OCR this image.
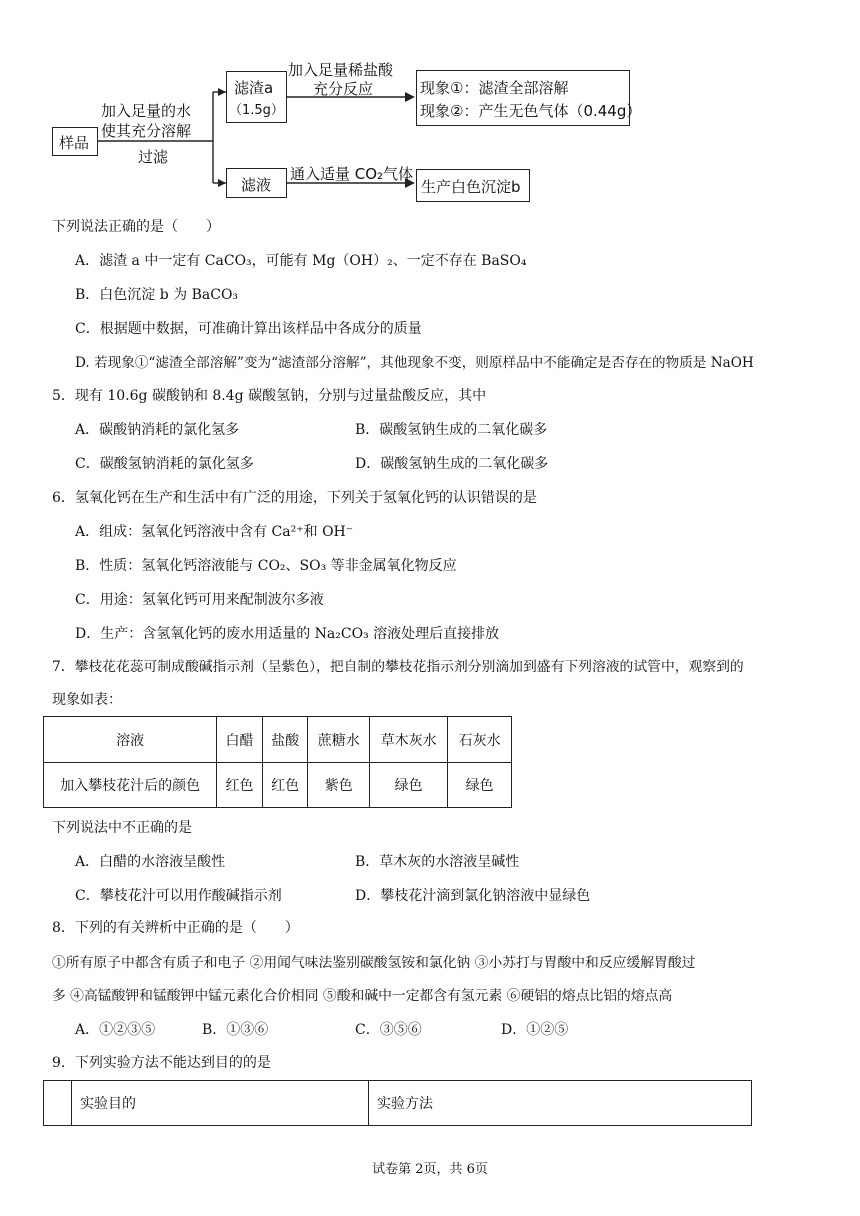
样品
加入足量的水
使其充分溶解
过滤
滤渣a
（1.5g）
滤液
加入足量稀盐酸
充分反应
通入适量 CO₂气体
现象①：滤渣全部溶解
现象②：产生无色气体（0.44g）
生产白色沉淀b
下列说法正确的是（　　）
A．滤渣 a 中一定有 CaCO₃，可能有 Mg（OH）₂、一定不存在 BaSO₄
B．白色沉淀 b 为 BaCO₃
C．根据题中数据，可准确计算出该样品中各成分的质量
D. 若现象①“滤渣全部溶解”变为“滤渣部分溶解”，其他现象不变，则原样品中不能确定是否存在的物质是 NaOH
5．现有 10.6g 碳酸钠和 8.4g 碳酸氢钠，分别与过量盐酸反应，其中
A．碳酸钠消耗的氯化氢多	B．碳酸氢钠生成的二氧化碳多
C．碳酸氢钠消耗的氯化氢多	D．碳酸氢钠生成的二氧化碳多
6．氢氧化钙在生产和生活中有广泛的用途，下列关于氢氧化钙的认识错误的是
A．组成：氢氧化钙溶液中含有 Ca²⁺和 OH⁻
B．性质：氢氧化钙溶液能与 CO₂、SO₃ 等非金属氧化物反应
C．用途：氢氧化钙可用来配制波尔多液
D．生产：含氢氧化钙的废水用适量的 Na₂CO₃ 溶液处理后直接排放
7．攀枝花花蕊可制成酸碱指示剂（呈紫色），把自制的攀枝花指示剂分别滴加到盛有下列溶液的试管中，观察到的
现象如表：
溶液	白醋	盐酸	蔗糖水	草木灰水	石灰水
加入攀枝花汁后的颜色	红色	红色	紫色	绿色	绿色
下列说法中不正确的是
A．白醋的水溶液呈酸性	B．草木灰的水溶液呈碱性
C．攀枝花汁可以用作酸碱指示剂	D．攀枝花汁滴到氯化钠溶液中显绿色
8．下列的有关辨析中正确的是（　　）
①所有原子中都含有质子和电子 ②用闻气味法鉴别碳酸氢铵和氯化钠 ③小苏打与胃酸中和反应缓解胃酸过
多 ④高锰酸钾和锰酸钾中锰元素化合价相同 ⑤酸和碱中一定都含有氢元素 ⑥硬铝的熔点比铝的熔点高
A．①②③⑤	B．①③⑥	C．③⑤⑥	D．①②⑤
9．下列实验方法不能达到目的的是
	实验目的	实验方法
试卷第 2页，共 6页
